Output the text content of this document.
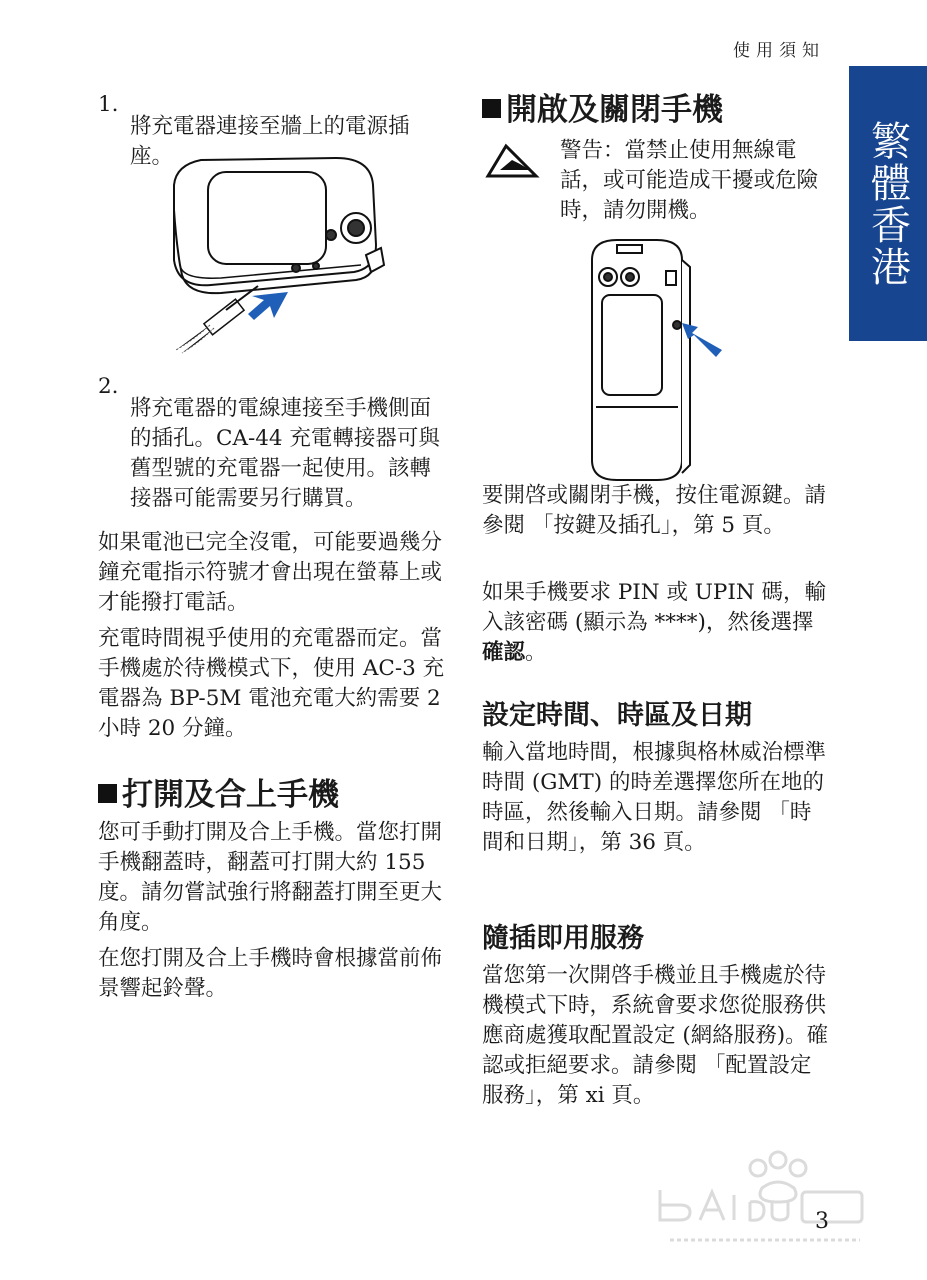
使用須知
繁體香港
1.

將充電器連接至牆上的電源插座。

2.

將充電器的電線連接至手機側面的插孔。CA-44 充電轉接器可與舊型號的充電器一起使用。該轉接器可能需要另行購買。

如果電池已完全沒電，可能要過幾分鐘充電指示符號才會出現在螢幕上或才能撥打電話。

充電時間視乎使用的充電器而定。當手機處於待機模式下，使用 AC-3 充電器為 BP-5M 電池充電大約需要 2 小時 20 分鐘。

打開及合上手機

您可手動打開及合上手機。當您打開手機翻蓋時，翻蓋可打開大約 155 度。請勿嘗試強行將翻蓋打開至更大角度。

在您打開及合上手機時會根據當前佈景響起鈴聲。

開啟及關閉手機

警告：當禁止使用無線電話，或可能造成干擾或危險時，請勿開機。

要開啓或關閉手機，按住電源鍵。請參閱 「按鍵及插孔」，第 5 頁。

如果手機要求 PIN 或 UPIN 碼，輸入該密碼 (顯示為 ****)，然後選擇確認。

設定時間、時區及日期

輸入當地時間，根據與格林威治標準時間 (GMT) 的時差選擇您所在地的時區，然後輸入日期。請參閱 「時間和日期」，第 36 頁。

隨插即用服務

當您第一次開啓手機並且手機處於待機模式下時，系統會要求您從服務供應商處獲取配置設定 (網絡服務)。確認或拒絕要求。請參閱 「配置設定服務」，第 xi 頁。

3
